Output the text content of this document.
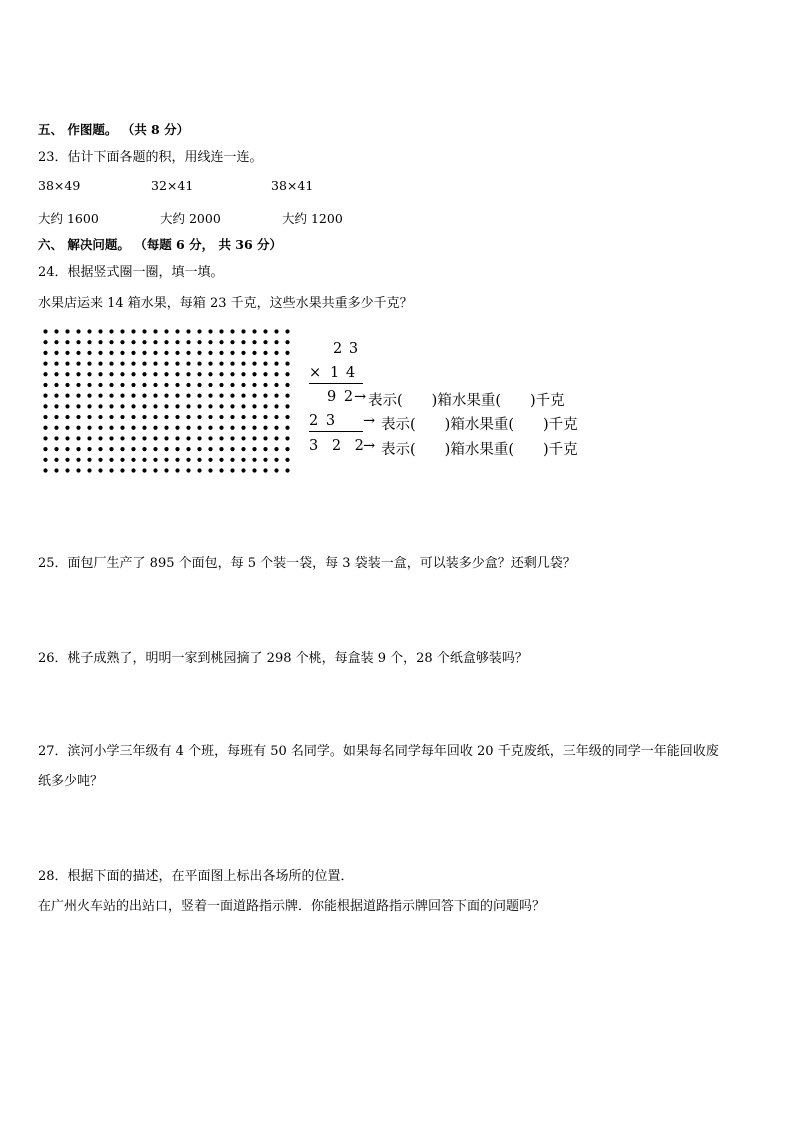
五、 作图题。 （共 8 分）
23．估计下面各题的积，用线连一连。
38×49	32×41	38×41
大约 1600	大约 2000	大约 1200
六、 解决问题。 （每题 6 分， 共 36 分）
24．根据竖式圈一圈，填一填。
水果店运来 14 箱水果，每箱 23 千克，这些水果共重多少千克？
2 3
× 1 4
9 2 → 表示(　　)箱水果重(　　)千克
2 3 → 表示(　　)箱水果重(　　)千克
3 2 2 → 表示(　　)箱水果重(　　)千克
25．面包厂生产了 895 个面包，每 5 个装一袋，每 3 袋装一盒，可以装多少盒？还剩几袋？
26．桃子成熟了，明明一家到桃园摘了 298 个桃，每盒装 9 个，28 个纸盒够装吗？
27．滨河小学三年级有 4 个班，每班有 50 名同学。如果每名同学每年回收 20 千克废纸，三年级的同学一年能回收废
纸多少吨？
28．根据下面的描述，在平面图上标出各场所的位置．
在广州火车站的出站口，竖着一面道路指示牌．你能根据道路指示牌回答下面的问题吗？
